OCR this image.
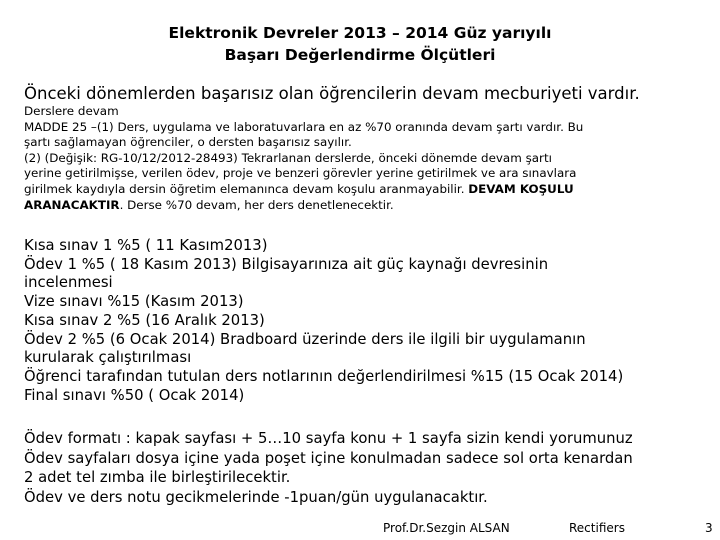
Elektronik Devreler 2013 – 2014 Güz yarıyılı
Başarı Değerlendirme Ölçütleri
Önceki dönemlerden başarısız olan öğrencilerin devam mecburiyeti vardır.
Derslere devam
MADDE 25 –(1) Ders, uygulama ve laboratuvarlara en az %70 oranında devam şartı vardır. Bu
şartı sağlamayan öğrenciler, o dersten başarısız sayılır.
(2) (Değişik: RG-10/12/2012-28493) Tekrarlanan derslerde, önceki dönemde devam şartı
yerine getirilmişse, verilen ödev, proje ve benzeri görevler yerine getirilmek ve ara sınavlara
girilmek kaydıyla dersin öğretim elemanınca devam koşulu aranmayabilir. DEVAM KOŞULU
ARANACAKTIR. Derse %70 devam, her ders denetlenecektir.
Kısa sınav 1 %5 ( 11 Kasım2013)
Ödev 1 %5 ( 18 Kasım 2013) Bilgisayarınıza ait güç kaynağı devresinin
incelenmesi
Vize sınavı %15 (Kasım 2013)
Kısa sınav 2 %5 (16 Aralık 2013)
Ödev 2 %5 (6 Ocak 2014) Bradboard üzerinde ders ile ilgili bir uygulamanın
kurularak çalıştırılması
Öğrenci tarafından tutulan ders notlarının değerlendirilmesi %15 (15 Ocak 2014)
Final sınavı %50 ( Ocak 2014)
Ödev formatı : kapak sayfası + 5…10 sayfa konu + 1 sayfa sizin kendi yorumunuz
Ödev sayfaları dosya içine yada poşet içine konulmadan sadece sol orta kenardan
2 adet tel zımba ile birleştirilecektir.
Ödev ve ders notu gecikmelerinde -1puan/gün uygulanacaktır.
Prof.Dr.Sezgin ALSAN	Rectifiers	3
